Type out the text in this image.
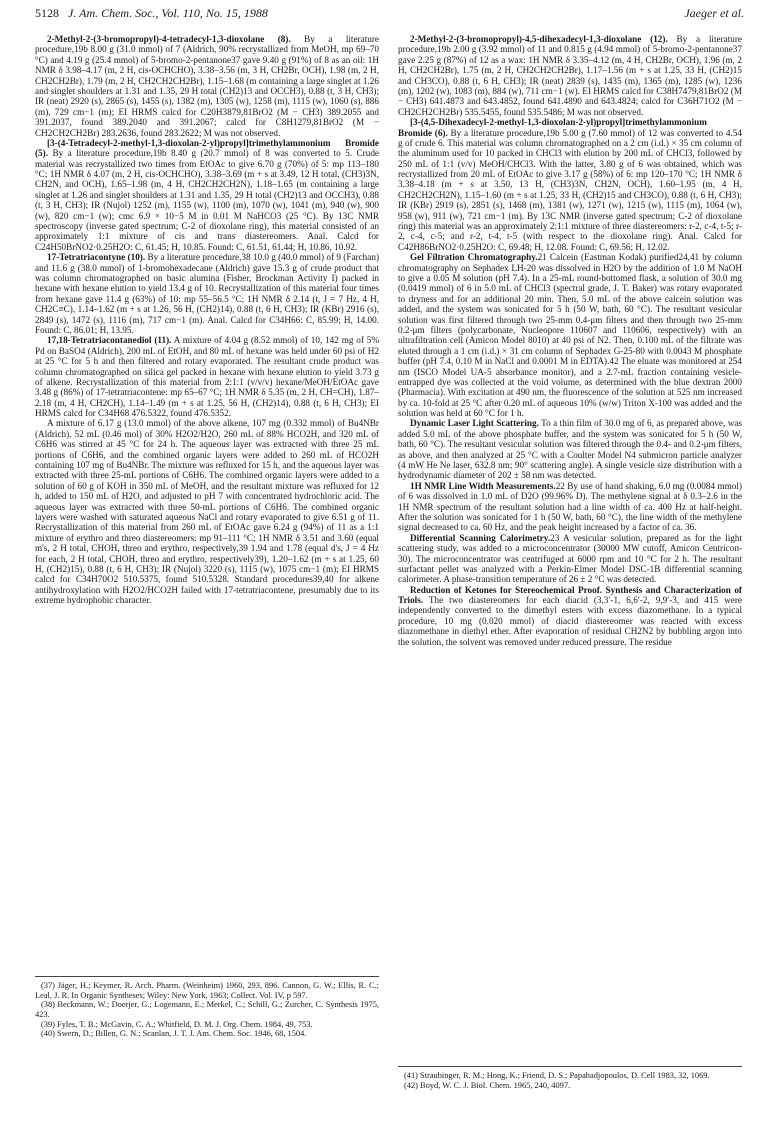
5128 J. Am. Chem. Soc., Vol. 110, No. 15, 1988	Jaeger et al.

2-Methyl-2-(3-bromopropyl)-4-tetradecyl-1,3-dioxolane (8). By a literature procedure,19b 8.00 g (31.0 mmol) of 7 (Aldrich, 90% recrystallized from MeOH, mp 69–70 °C) and 4.19 g (25.4 mmol) of 5-bromo-2-pentanone37 gave 9.40 g (91%) of 8 as an oil: 1H NMR δ 3.98–4.17 (m, 2 H, cis-OCHCHO), 3.38–3.56 (m, 3 H, CH2Br, OCH), 1.98 (m, 2 H, CH2CH2Br), 1.79 (m, 2 H, CH2CH2CH2Br), 1.15–1.68 (m containing a large singlet at 1.26 and singlet shoulders at 1.31 and 1.35, 29 H total (CH2)13 and OCCH3), 0.88 (t, 3 H, CH3); IR (neat) 2920 (s), 2865 (s), 1455 (s), 1382 (m), 1305 (w), 1258 (m), 1115 (w), 1060 (s), 886 (m), 729 cm−1 (m); EI HRMS calcd for C20H3879,81BrO2 (M − CH3) 389.2055 and 391.2037, found 389.2040 and 391.2067; calcd for C8H1279,81BrO2 (M − CH2CH2CH2Br) 283.2636, found 283.2622; M was not observed.

[3-(4-Tetradecyl-2-methyl-1,3-dioxolan-2-yl)propyl]trimethylammonium Bromide (5). By a literature procedure,19b 8.40 g (20.7 mmol) of 8 was converted to 5. Crude material was recrystallized two times from EtOAc to give 6.70 g (70%) of 5: mp 113–180 °C; 1H NMR δ 4.07 (m, 2 H, cis-OCHCHO), 3.38–3.69 (m + s at 3.49, 12 H total, (CH3)3N, CH2N, and OCH), 1.65–1.98 (m, 4 H, CH2CH2CH2N), 1.18–1.65 (m containing a large singlet at 1.26 and singlet shoulders at 1.31 and 1.35, 29 H total (CH2)13 and OCCH3), 0.88 (t, 3 H, CH3); IR (Nujol) 1252 (m), 1155 (w), 1100 (m), 1070 (w), 1041 (m), 940 (w), 900 (w), 820 cm−1 (w); cmc 6.9 × 10−5 M in 0.01 M NaHCO3 (25 °C). By 13C NMR spectroscopy (inverse gated spectrum; C-2 of dioxolane ring), this material consisted of an approximately 1:1 mixture of cis and trans diastereomers. Anal. Calcd for C24H50BrNO2·0.25H2O: C, 61.45; H, 10.85. Found: C, 61.51, 61.44; H, 10.86, 10.92.

17-Tetratriacontyne (10). By a literature procedure,38 10.0 g (40.0 mmol) of 9 (Farchan) and 11.6 g (38.0 mmol) of 1-bromohexadecane (Aldrich) gave 15.3 g of crude product that was column chromatographed on basic alumina (Fisher, Brockman Activity I) packed in hexane with hexane elution to yield 13.4 g of 10. Recrystallization of this material four times from hexane gave 11.4 g (63%) of 10: mp 55–56.5 °C; 1H NMR δ 2.14 (t, J = 7 Hz, 4 H, CH2C≡C), 1.14–1.62 (m + s at 1.26, 56 H, (CH2)14), 0.88 (t, 6 H, CH3); IR (KBr) 2916 (s), 2849 (s), 1472 (s), 1116 (m), 717 cm−1 (m). Anal. Calcd for C34H66: C, 85.99; H, 14.00. Found: C, 86.01; H, 13.95.

17,18-Tetratriacontanediol (11). A mixture of 4.04 g (8.52 mmol) of 10, 142 mg of 5% Pd on BaSO4 (Aldrich), 200 mL of EtOH, and 80 mL of hexane was held under 60 psi of H2 at 25 °C for 5 h and then filtered and rotary evaporated. The resultant crude product was column chromatographed on silica gel packed in hexane with hexane elution to yield 3.73 g of alkene. Recrystallization of this material from 2:1:1 (v/v/v) hexane/MeOH/EtOAc gave 3.48 g (86%) of 17-tetratriacontene: mp 65–67 °C; 1H NMR δ 5.35 (m, 2 H, CH=CH), 1.87–2.18 (m, 4 H, CH2CH), 1.14–1.49 (m + s at 1.25, 56 H, (CH2)14), 0.88 (t, 6 H, CH3); EI HRMS calcd for C34H68 476.5322, found 476.5352.

A mixture of 6.17 g (13.0 mmol) of the above alkene, 107 mg (0.332 mmol) of Bu4NBr (Aldrich), 52 mL (0.46 mol) of 30% H2O2/H2O, 260 mL of 88% HCO2H, and 320 mL of C6H6 was stirred at 45 °C for 24 h. The aqueous layer was extracted with three 25 mL portions of C6H6, and the combined organic layers were added to 260 mL of HCO2H containing 107 mg of Bu4NBr. The mixture was refluxed for 15 h, and the aqueous layer was extracted with three 25-mL portions of C6H6. The combined organic layers were added to a solution of 60 g of KOH in 350 mL of MeOH, and the resultant mixture was refluxed for 12 h, added to 150 mL of H2O, and adjusted to pH 7 with concentrated hydrochloric acid. The aqueous layer was extracted with three 50-mL portions of C6H6. The combined organic layers were washed with saturated aqueous NaCl and rotary evaporated to give 6.51 g of 11. Recrystallization of this material from 260 mL of EtOAc gave 6.24 g (94%) of 11 as a 1:1 mixture of erythro and threo diastereomers: mp 91–111 °C; 1H NMR δ 3.51 and 3.60 (equal m's, 2 H total, CHOH, threo and erythro, respectively,39 1.94 and 1.78 (equal d's, J = 4 Hz for each, 2 H total, CHOH, threo and erythro, respectively39), 1.20–1.62 (m + s at 1.25, 60 H, (CH2)15), 0.88 (t, 6 H, CH3); IR (Nujol) 3220 (s), 1115 (w), 1075 cm−1 (m); EI HRMS calcd for C34H70O2 510.5375, found 510.5328. Standard procedures39,40 for alkene antihydroxylation with H2O2/HCO2H failed with 17-tetratriacontene, presumably due to its extreme hydrophobic character.

2-Methyl-2-(3-bromopropyl)-4,5-dihexadecyl-1,3-dioxolane (12). By a literature procedure,19b 2.00 g (3.92 mmol) of 11 and 0.815 g (4.94 mmol) of 5-bromo-2-pentanone37 gave 2.25 g (87%) of 12 as a wax: 1H NMR δ 3.35–4.12 (m, 4 H, CH2Br, OCH), 1.96 (m, 2 H, CH2CH2Br), 1.75 (m, 2 H, CH2CH2CH2Br), 1.17–1.56 (m + s at 1.25, 33 H, (CH2)15 and CH3CO), 0.88 (t, 6 H, CH3); IR (neat) 2839 (s), 1435 (m), 1365 (m), 1285 (w), 1236 (m), 1202 (w), 1083 (m), 884 (w), 711 cm−1 (w). EI HRMS calcd for C38H7479,81BrO2 (M − CH3) 641.4873 and 643.4852, found 641.4890 and 643.4824; calcd for C36H71O2 (M − CH2CH2CH2Br) 535.5455, found 535.5486; M was not observed.

[3-(4,5-Dihexadecyl-2-methyl-1,3-dioxolan-2-yl)propyl]trimethylammonium Bromide (6). By a literature procedure,19b 5.00 g (7.60 mmol) of 12 was converted to 4.54 g of crude 6. This material was column chromatographed on a 2 cm (i.d.) × 35 cm column of the aluminum used for 10 packed in CHCl3 with elution by 200 mL of CHCl3, followed by 250 mL of 1:1 (v/v) MeOH/CHCl3. With the latter, 3.80 g of 6 was obtained, which was recrystallized from 20 mL of EtOAc to give 3.17 g (58%) of 6: mp 120–170 °C; 1H NMR δ 3.38–4.18 (m + s at 3.50, 13 H, (CH3)3N, CH2N, OCH), 1.60–1.95 (m, 4 H, CH2CH2CH2N), 1.15–1.60 (m + s at 1.25, 33 H, (CH2)15 and CH3CO), 0.88 (t, 6 H, CH3); IR (KBr) 2919 (s), 2851 (s), 1468 (m), 1381 (w), 1271 (w), 1215 (w), 1115 (m), 1064 (w), 958 (w), 911 (w), 721 cm−1 (m). By 13C NMR (inverse gated spectrum; C-2 of dioxolane ring) this material was an approximately 2:1:1 mixture of three diastereomers: r-2, c-4, t-5; r-2, c-4, c-5; and r-2, t-4, t-5 (with respect to the dioxolane ring). Anal. Calcd for C42H86BrNO2·0.25H2O: C, 69.48; H, 12.08. Found: C, 69.56; H, 12.02.

Gel Filtration Chromatography.21 Calcein (Eastman Kodak) purified24,41 by column chromatography on Sephadex LH-20 was dissolved in H2O by the addition of 1.0 M NaOH to give a 0.05 M solution (pH 7.4). In a 25-mL round-bottomed flask, a solution of 30.0 mg (0.0419 mmol) of 6 in 5.0 mL of CHCl3 (spectral grade, J. T. Baker) was rotary evaporated to dryness and for an additional 20 min. Then, 5.0 mL of the above calcein solution was added, and the system was sonicated for 5 h (50 W, bath, 60 °C). The resultant vesicular solution was first filtered through two 25-mm 0.4-μm filters and then through two 25-mm 0.2-μm filters (polycarbonate, Nucleopore 110607 and 110606, respectively) with an ultrafiltration cell (Amicon Model 8010) at 40 psi of N2. Then, 0.100 mL of the filtrate was eluted through a 1 cm (i.d.) × 31 cm column of Sephadex G-25-80 with 0.0043 M phosphate buffer (pH 7.4, 0.10 M in NaCl and 0.0001 M in EDTA).42 The eluate was monitored at 254 nm (ISCO Model UA-5 absorbance monitor), and a 2.7-mL fraction containing vesicle-entrapped dye was collected at the void volume, as determined with the blue dextran 2000 (Pharmacia). With excitation at 490 nm, the fluorescence of the solution at 525 nm increased by ca. 10-fold at 25 °C after 0.20 mL of aqueous 10% (w/w) Triton X-100 was added and the solution was held at 60 °C for 1 h.

Dynamic Laser Light Scattering. To a thin film of 30.0 mg of 6, as prepared above, was added 5.0 mL of the above phosphate buffer, and the system was sonicated for 5 h (50 W, bath, 60 °C). The resultant vesicular solution was filtered through the 0.4- and 0.2-μm filters, as above, and then analyzed at 25 °C with a Coulter Model N4 submicron particle analyzer (4 mW He Ne laser, 632.8 nm; 90° scattering angle). A single vesicle size distribution with a hydrodynamic diameter of 202 ± 58 nm was detected.

1H NMR Line Width Measurements.22 By use of hand shaking, 6.0 mg (0.0084 mmol) of 6 was dissolved in 1.0 mL of D2O (99.96% D). The methylene signal at δ 0.3–2.6 in the 1H NMR spectrum of the resultant solution had a line width of ca. 400 Hz at half-height. After the solution was sonicated for 1 h (50 W, bath, 60 °C), the line width of the methylene signal decreased to ca. 60 Hz, and the peak height increased by a factor of ca. 36.

Differential Scanning Calorimetry.23 A vesicular solution, prepared as for the light scattering study, was added to a microconcentrator (30000 MW cutoff, Amicon Centricon-30). The microconcentrator was centrifuged at 6000 rpm and 10 °C for 2 h. The resultant surfactant pellet was analyzed with a Perkin-Elmer Model DSC-1B differential scanning calorimeter. A phase-transition temperature of 26 ± 2 °C was detected.

Reduction of Ketones for Stereochemical Proof. Synthesis and Characterization of Triols. The two diastereomers for each diacid (3,3′-1, 6,6′-2, 9,9′-3, and 415 were independently converted to the dimethyl esters with excess diazomethane. In a typical procedure, 10 mg (0.020 mmol) of diacid diastereomer was reacted with excess diazomethane in diethyl ether. After evaporation of residual CH2N2 by bubbling argon into the solution, the solvent was removed under reduced pressure. The residue

(37) Jäger, H.; Keymer, R. Arch. Pharm. (Weinheim) 1960, 293, 896. Cannon, G. W.; Ellis, R. C.; Leal, J. R. In Organic Syntheses; Wiley: New York, 1963; Collect. Vol. IV, p 597.

(38) Beckmann, W.; Doerjer, G.; Logemann, E.; Merkel, C.; Schill, G.; Zurcher, C. Synthesis 1975, 423.

(39) Fyles, T. B.; McGavin, C. A.; Whitfield, D. M. J. Org. Chem. 1984, 49, 753.

(40) Swern, D.; Billen, G. N.; Scanlan, J. T. J. Am. Chem. Soc. 1946, 68, 1504.

(41) Straubinger, R. M.; Hong, K.; Friend, D. S.; Papahadjopoulos, D. Cell 1983, 32, 1069.

(42) Boyd, W. C. J. Biol. Chem. 1965, 240, 4097.
